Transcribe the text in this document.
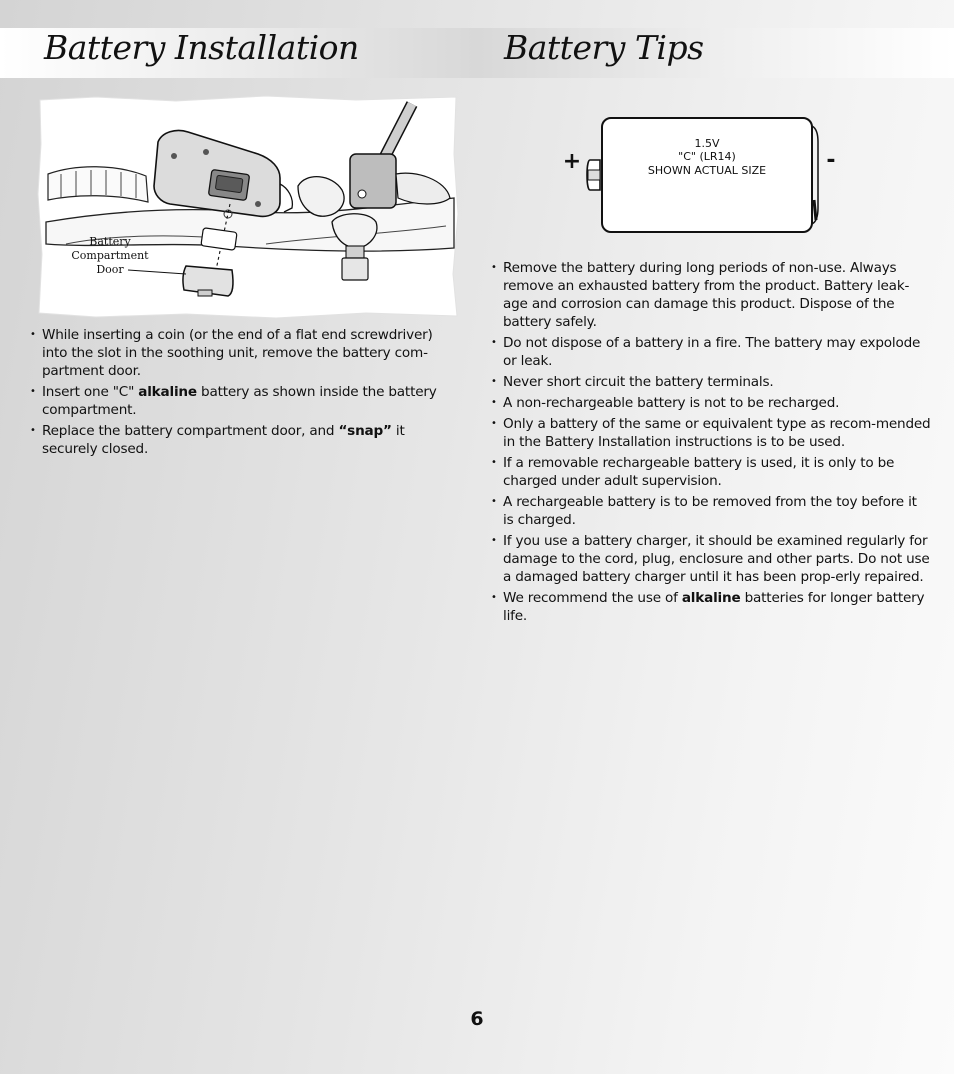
Battery Installation	Battery Tips
Battery
Compartment
Door
+	-
1.5V
"C" (LR14)
SHOWN ACTUAL SIZE
• While inserting a coin (or the end of a flat end screwdriver) into the slot in the soothing unit, remove the battery com-partment door.
• Insert one "C" alkaline battery as shown inside the battery compartment.
• Replace the battery compartment door, and “snap” it securely closed.
• Remove the battery during long periods of non-use. Always remove an exhausted battery from the product. Battery leak-age and corrosion can damage this product. Dispose of the battery safely.
• Do not dispose of a battery in a fire. The battery may expolode or leak.
• Never short circuit the battery terminals.
• A non-rechargeable battery is not to be recharged.
• Only a battery of the same or equivalent type as recom-mended in the Battery Installation instructions is to be used.
• If a removable rechargeable battery is used, it is only to be charged under adult supervision.
• A rechargeable battery is to be removed from the toy before it is charged.
• If you use a battery charger, it should be examined regularly for damage to the cord, plug, enclosure and other parts. Do not use a damaged battery charger until it has been prop-erly repaired.
• We recommend the use of alkaline batteries for longer battery life.
6
